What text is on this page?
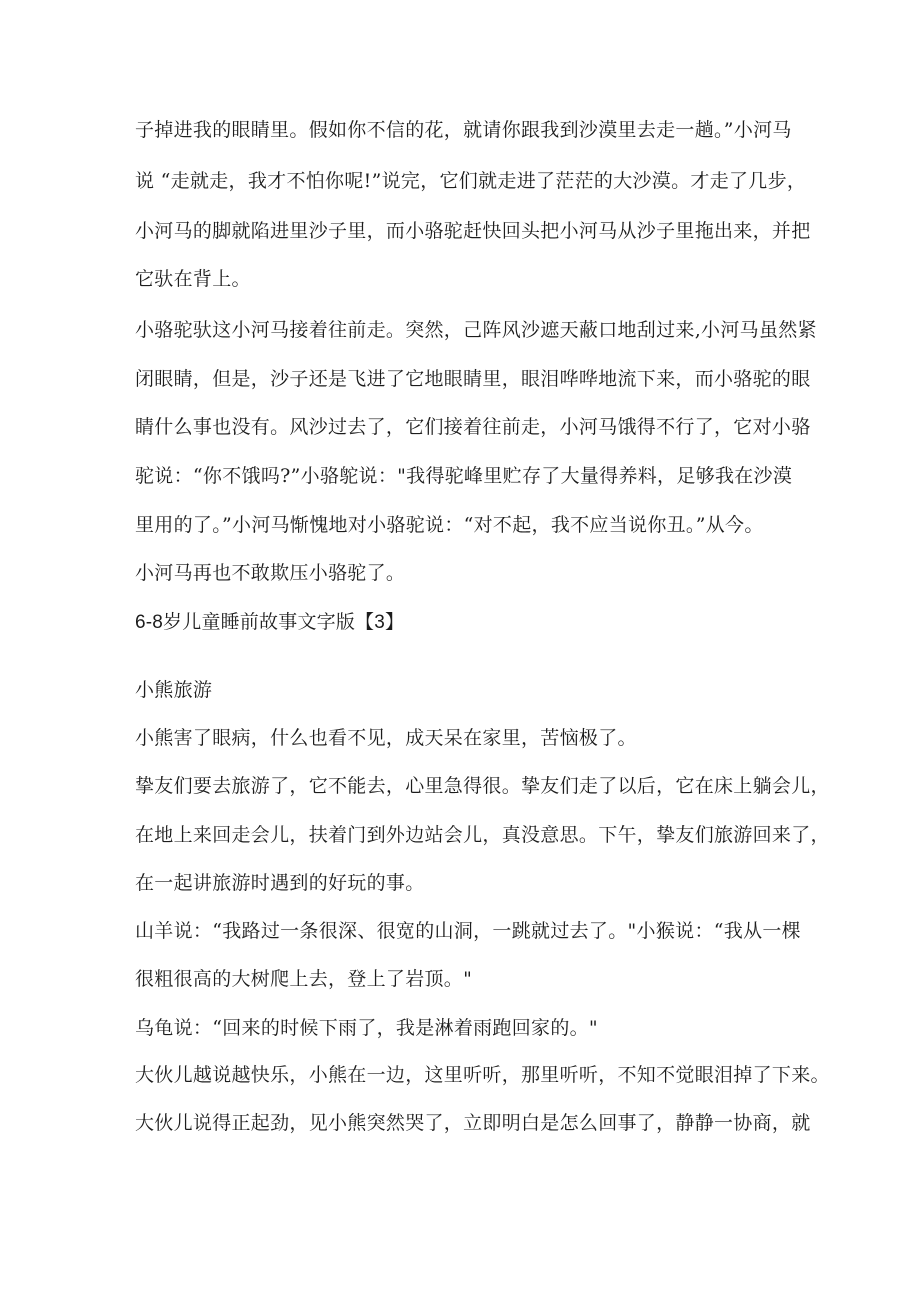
子掉进我的眼睛里。假如你不信的花，就请你跟我到沙漠里去走一趟。”小河马

说 “走就走，我才不怕你呢!”说完，它们就走进了茫茫的大沙漠。才走了几步，

小河马的脚就陷进里沙子里，而小骆驼赶快回头把小河马从沙子里拖出来，并把

它驮在背上。

小骆驼驮这小河马接着往前走。突然，己阵风沙遮天蔽口地刮过来,小河马虽然紧

闭眼睛，但是，沙子还是飞进了它地眼睛里，眼泪哗哗地流下来，而小骆驼的眼

睛什么事也没有。风沙过去了，它们接着往前走，小河马饿得不行了，它对小骆

驼说：“你不饿吗?”小骆鸵说："我得驼峰里贮存了大量得养料，足够我在沙漠

里用的了。”小河马惭愧地对小骆驼说：“对不起，我不应当说你丑。”从今。

小河马再也不敢欺压小骆驼了。

6-8岁儿童睡前故事文字版【3】

小熊旅游

小熊害了眼病，什么也看不见，成天呆在家里，苦恼极了。

挚友们要去旅游了，它不能去，心里急得很。挚友们走了以后，它在床上躺会儿，

在地上来回走会儿，扶着门到外边站会儿，真没意思。下午，挚友们旅游回来了，

在一起讲旅游时遇到的好玩的事。

山羊说：“我路过一条很深、很宽的山洞，一跳就过去了。"小猴说：“我从一棵

很粗很高的大树爬上去，登上了岩顶。"

乌龟说：“回来的时候下雨了，我是淋着雨跑回家的。"

大伙儿越说越快乐，小熊在一边，这里听听，那里听听，不知不觉眼泪掉了下来。

大伙儿说得正起劲，见小熊突然哭了，立即明白是怎么回事了，静静一协商，就
